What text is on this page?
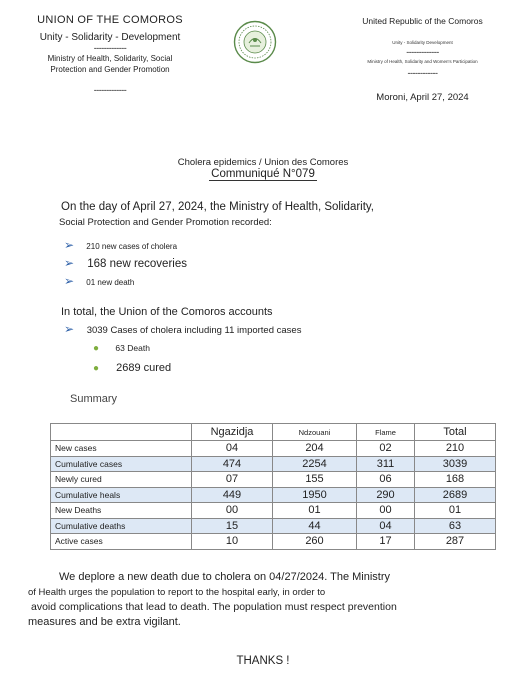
UNION OF THE COMOROS
Unity - Solidarity - Development
-------------
Ministry of Health, Solidarity, Social
Protection and Gender Promotion
-------------
United Republic of the Comoros
Unity - Solidarity Development
-------------
Ministry of Health, Solidarity and Women's Participation
------------
Moroni, April 27, 2024
Cholera epidemics / Union des Comores
Communiqué N°079
On the day of April 27, 2024, the Ministry of Health, Solidarity,
Social Protection and Gender Promotion recorded:
➢ 210 new cases of cholera
➢ 168 new recoveries
➢ 01 new death
In total, the Union of the Comoros accounts
➢ 3039 Cases of cholera including 11 imported cases
● 63 Death
● 2689 cured
Summary
	Ngazidja	Ndzouani	Flame	Total
New cases	04	204	02	210
Cumulative cases	474	2254	311	3039
Newly cured	07	155	06	168
Cumulative heals	449	1950	290	2689
New Deaths	00	01	00	01
Cumulative deaths	15	44	04	63
Active cases	10	260	17	287
We deplore a new death due to cholera on 04/27/2024. The Ministry
of Health urges the population to report to the hospital early, in order to
avoid complications that lead to death. The population must respect prevention
measures and be extra vigilant.
THANKS !
